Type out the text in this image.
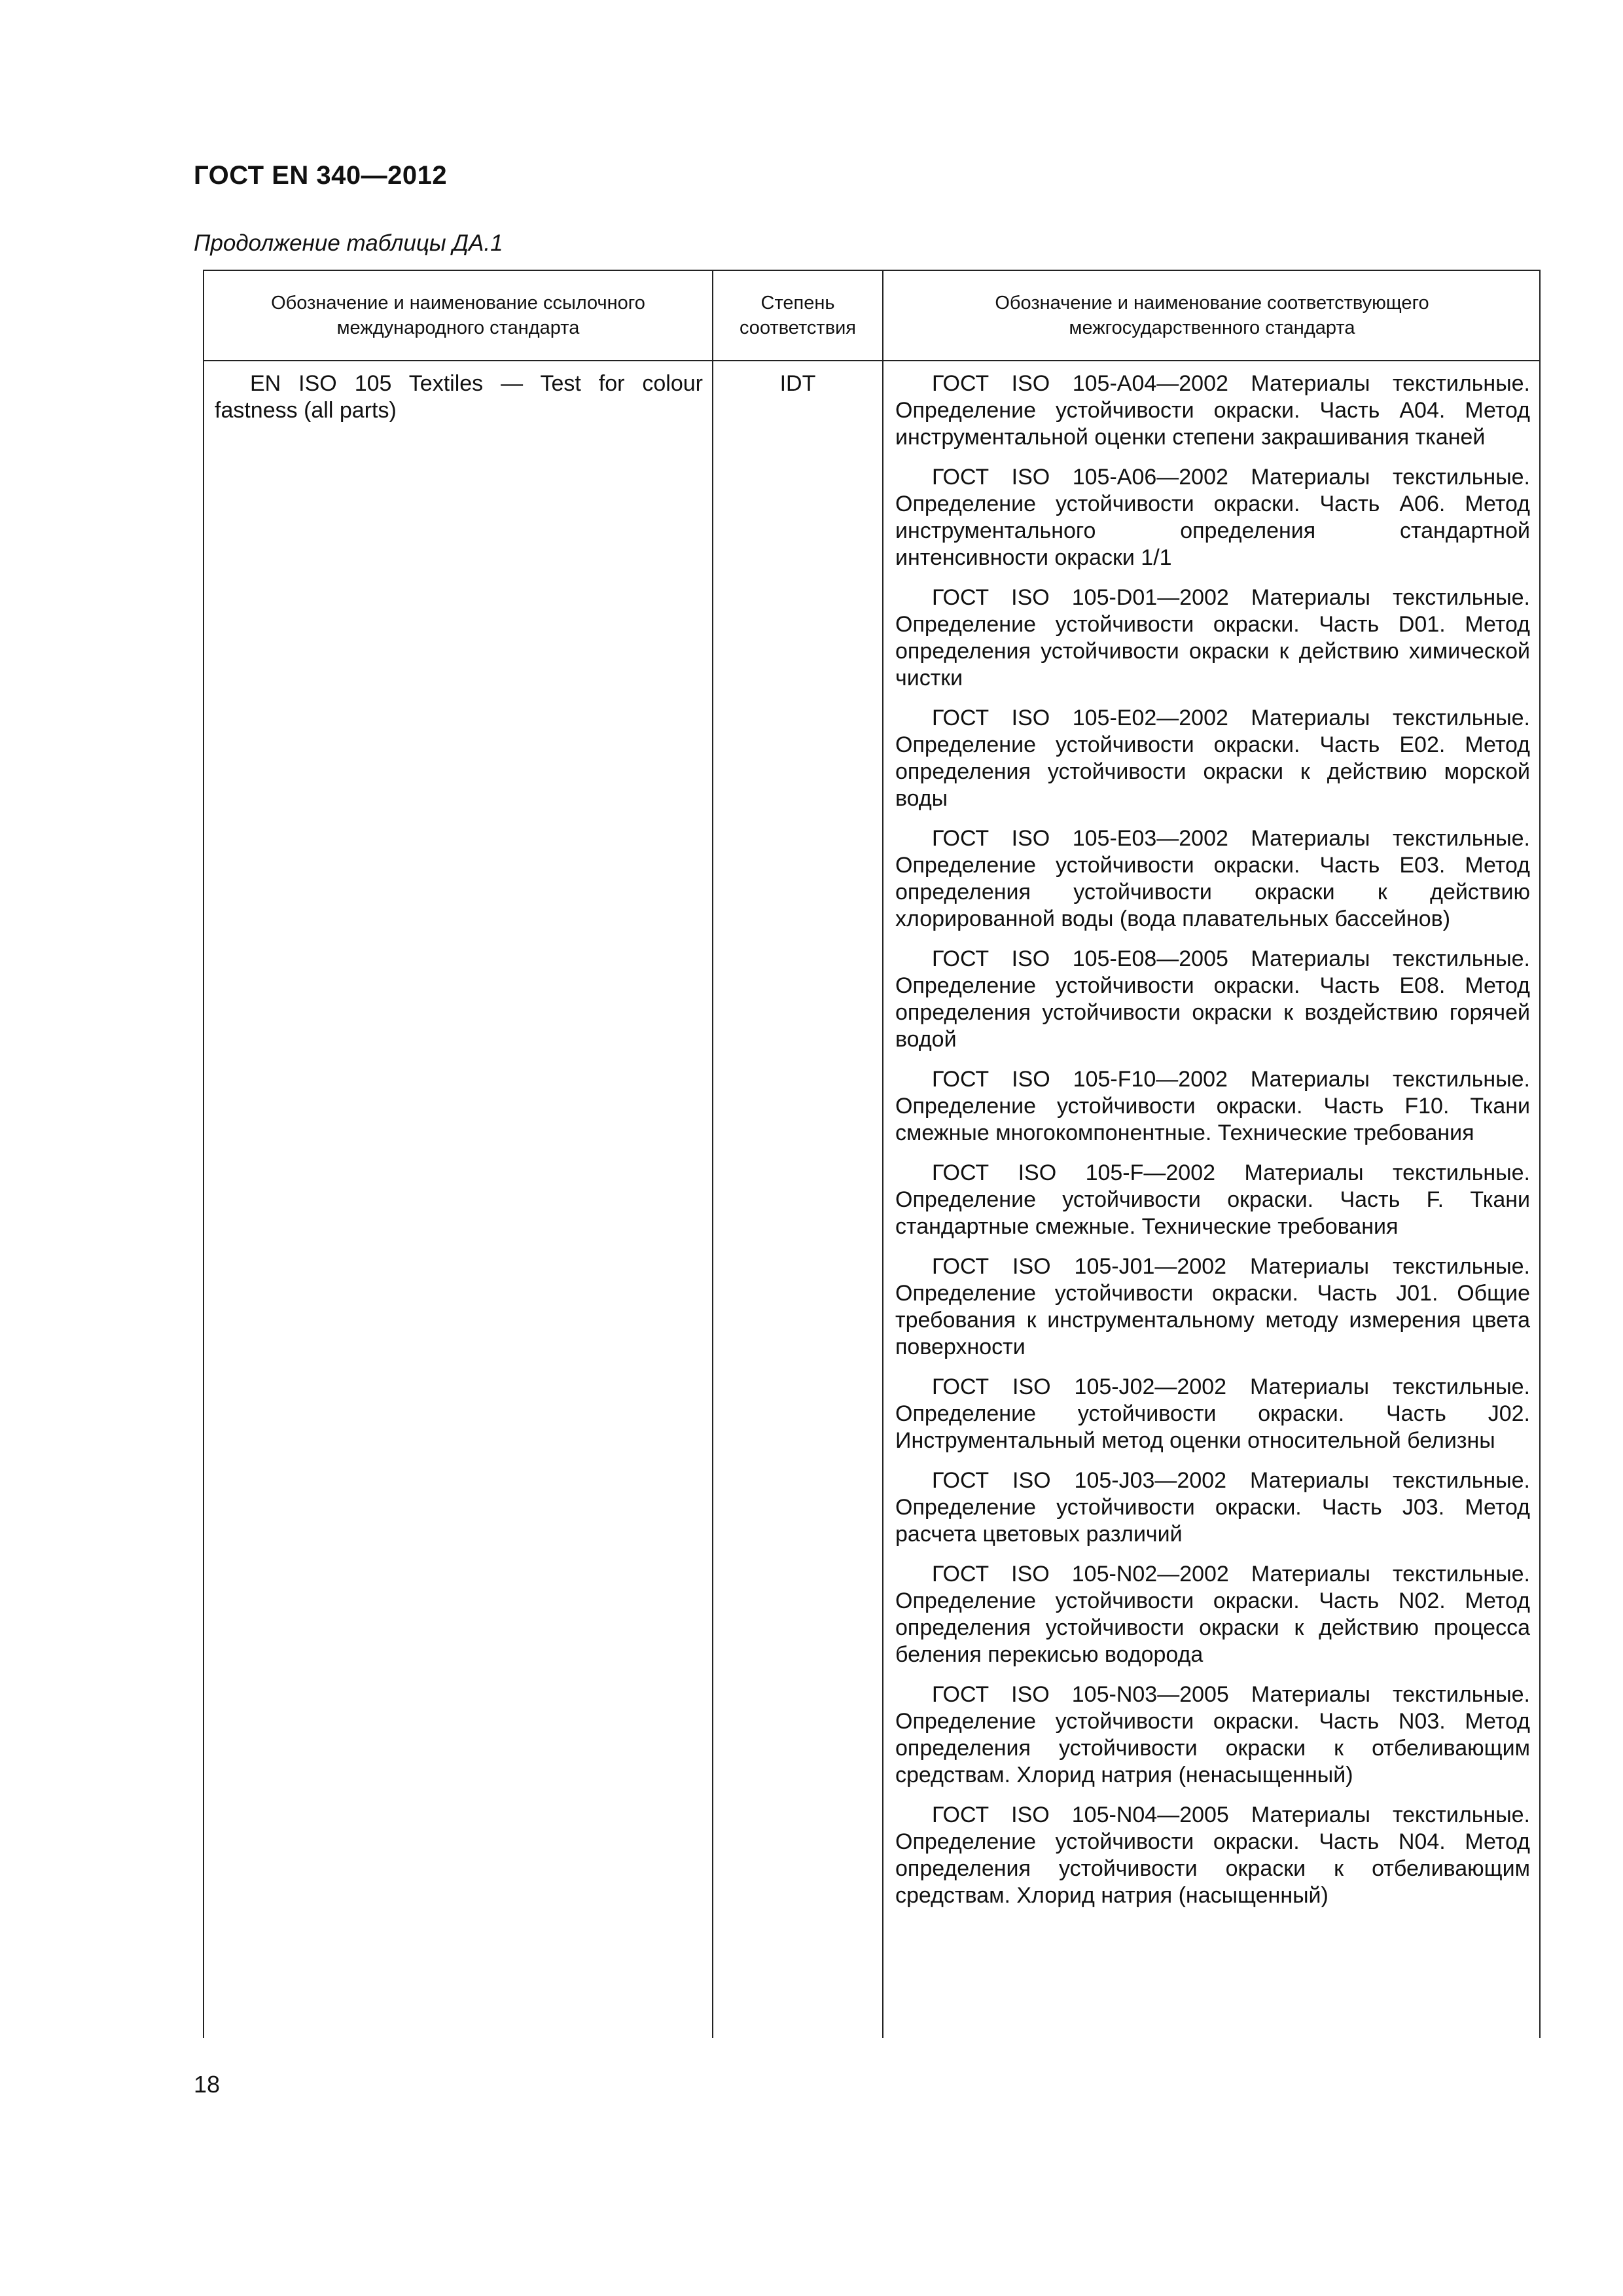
ГОСТ EN 340—2012
Продолжение таблицы ДА.1
Обозначение и наименование ссылочного
международного стандарта
Степень
соответствия
Обозначение и наименование соответствующего
межгосударственного стандарта
EN ISO 105 Textiles — Test for colour fastness (all parts)
IDT	ГОСТ ISO 105-A04—2002 Материалы текстильные. Определение устойчивости окраски. Часть A04. Метод инструментальной оценки степени закрашивания тканей

ГОСТ ISO 105-A06—2002 Материалы текстильные. Определение устойчивости окраски. Часть A06. Метод инструментального определения стандартной интенсивности окраски 1/1

ГОСТ ISO 105-D01—2002 Материалы текстильные. Определение устойчивости окраски. Часть D01. Метод определения устойчивости окраски к действию химической чистки

ГОСТ ISO 105-E02—2002 Материалы текстильные. Определение устойчивости окраски. Часть E02. Метод определения устойчивости окраски к действию морской воды

ГОСТ ISO 105-E03—2002 Материалы текстильные. Определение устойчивости окраски. Часть E03. Метод определения устойчивости окраски к действию хлорированной воды (вода плавательных бассейнов)

ГОСТ ISO 105-E08—2005 Материалы текстильные. Определение устойчивости окраски. Часть E08. Метод определения устойчивости окраски к воздействию горячей водой

ГОСТ ISO 105-F10—2002 Материалы текстильные. Определение устойчивости окраски. Часть F10. Ткани смежные многокомпонентные. Технические требования

ГОСТ ISO 105-F—2002 Материалы текстильные. Определение устойчивости окраски. Часть F. Ткани стандартные смежные. Технические требования

ГОСТ ISO 105-J01—2002 Материалы текстильные. Определение устойчивости окраски. Часть J01. Общие требования к инструментальному методу измерения цвета поверхности

ГОСТ ISO 105-J02—2002 Материалы текстильные. Определение устойчивости окраски. Часть J02. Инструментальный метод оценки относительной белизны

ГОСТ ISO 105-J03—2002 Материалы текстильные. Определение устойчивости окраски. Часть J03. Метод расчета цветовых различий

ГОСТ ISO 105-N02—2002 Материалы текстильные. Определение устойчивости окраски. Часть N02. Метод определения устойчивости окраски к действию процесса беления перекисью водорода

ГОСТ ISO 105-N03—2005 Материалы текстильные. Определение устойчивости окраски. Часть N03. Метод определения устойчивости окраски к отбеливающим средствам. Хлорид натрия (ненасыщенный)

ГОСТ ISO 105-N04—2005 Материалы текстильные. Определение устойчивости окраски. Часть N04. Метод определения устойчивости окраски к отбеливающим средствам. Хлорид натрия (насыщенный)

18
